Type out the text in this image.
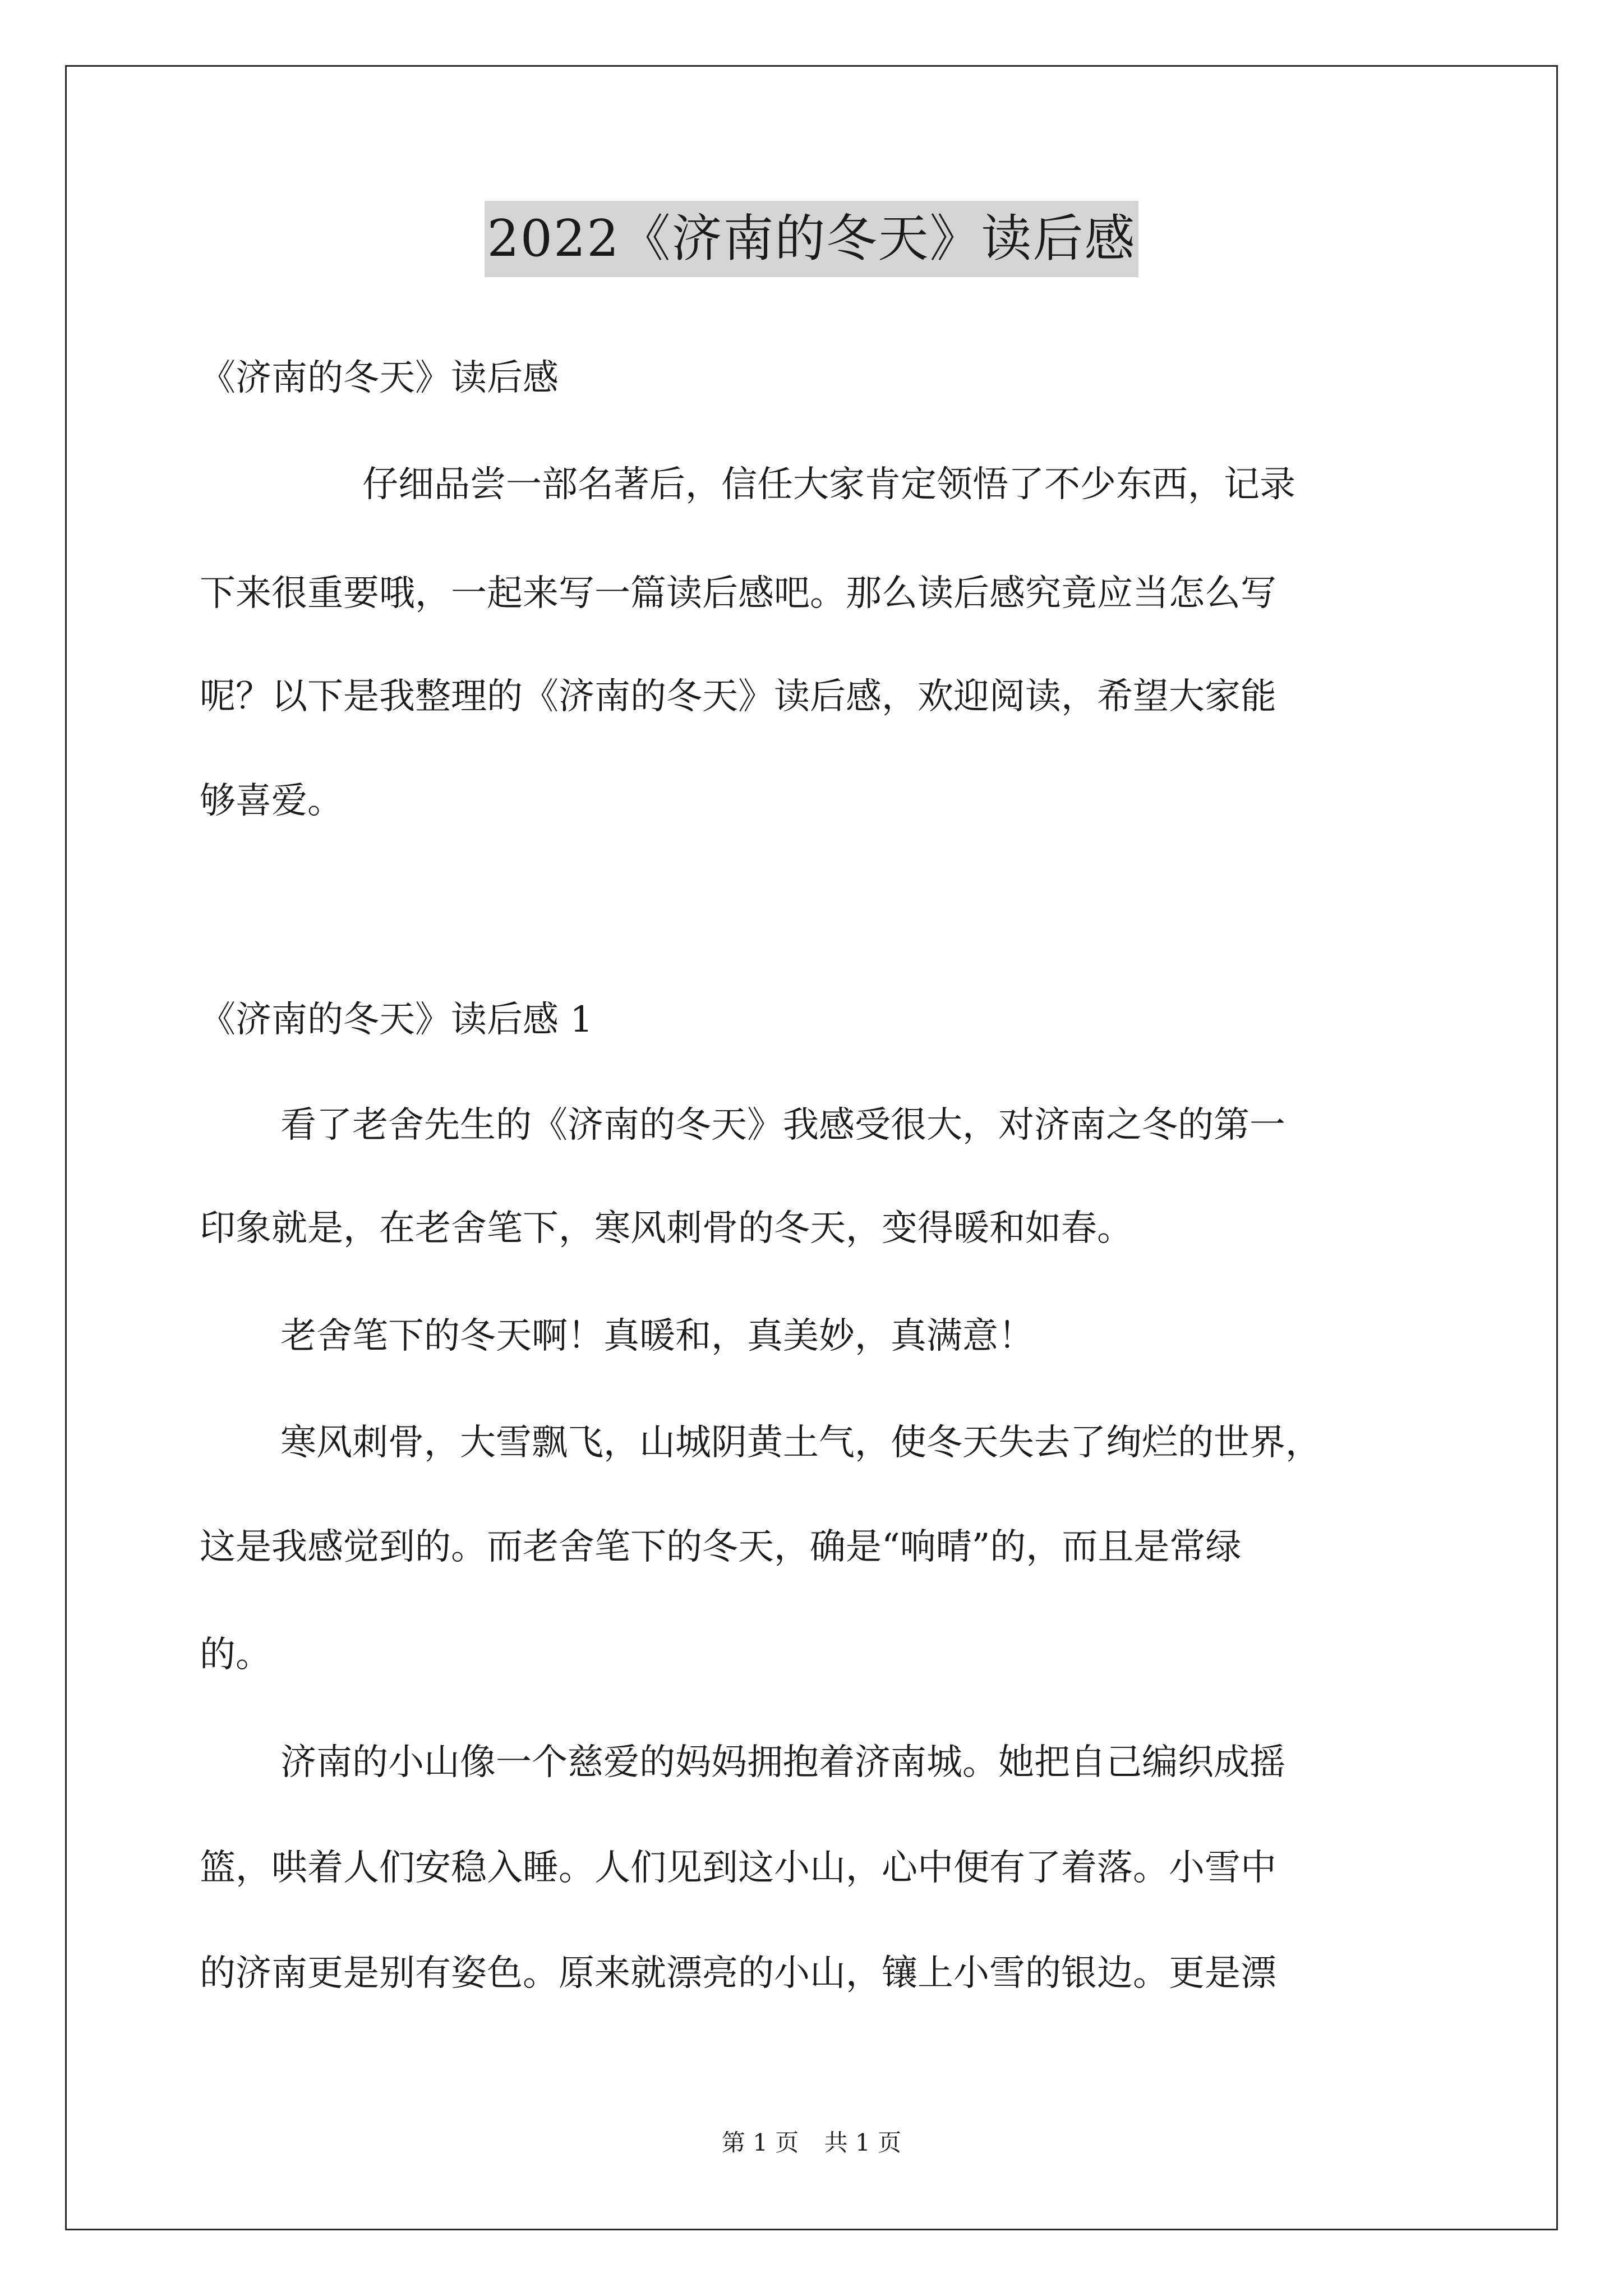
2022《济南的冬天》读后感
《济南的冬天》读后感
仔细品尝一部名著后，信任大家肯定领悟了不少东西，记录
下来很重要哦，一起来写一篇读后感吧。那么读后感究竟应当怎么写
呢？以下是我整理的《济南的冬天》读后感，欢迎阅读，希望大家能
够喜爱。
《济南的冬天》读后感 1
看了老舍先生的《济南的冬天》我感受很大，对济南之冬的第一
印象就是，在老舍笔下，寒风刺骨的冬天，变得暖和如春。
老舍笔下的冬天啊！真暖和，真美妙，真满意！
寒风刺骨，大雪飘飞，山城阴黄土气，使冬天失去了绚烂的世界，
这是我感觉到的。而老舍笔下的冬天，确是“响晴”的，而且是常绿
的。
济南的小山像一个慈爱的妈妈拥抱着济南城。她把自己编织成摇
篮，哄着人们安稳入睡。人们见到这小山，心中便有了着落。小雪中
的济南更是别有姿色。原来就漂亮的小山，镶上小雪的银边。更是漂
第 1 页 共 1 页
